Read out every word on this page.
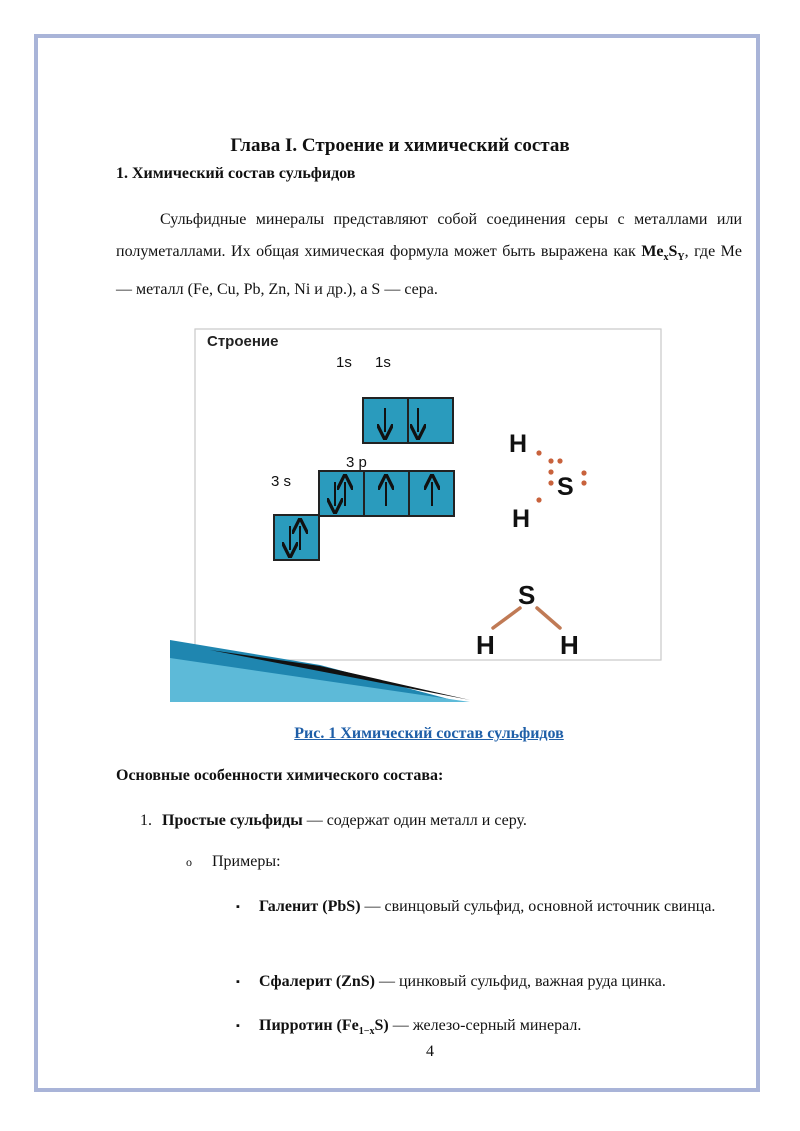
Глава I. Строение и химический состав
1. Химический состав сульфидов

Сульфидные минералы представляют собой соединения серы с металлами или полуметаллами. Их общая химическая формула может быть выражена как $Me_xS_Y$, где Me — металл (Fe, Cu, Pb, Zn, Ni и др.), а S — сера.

Строение
1s 1s
3 p
3 s
H
S
H
S
H	H
Рис. 1 Химический состав сульфидов
Основные особенности химического состава:
1. Простые сульфиды — содержат один металл и серу.
o Примеры:
▪	Галенит (PbS) — свинцовый сульфид, основной источник свинца.
▪	Сфалерит (ZnS) — цинковый сульфид, важная руда цинка.
▪	Пирротин $(Fe_{1-x}S)$ — железо-серный минерал.
4
